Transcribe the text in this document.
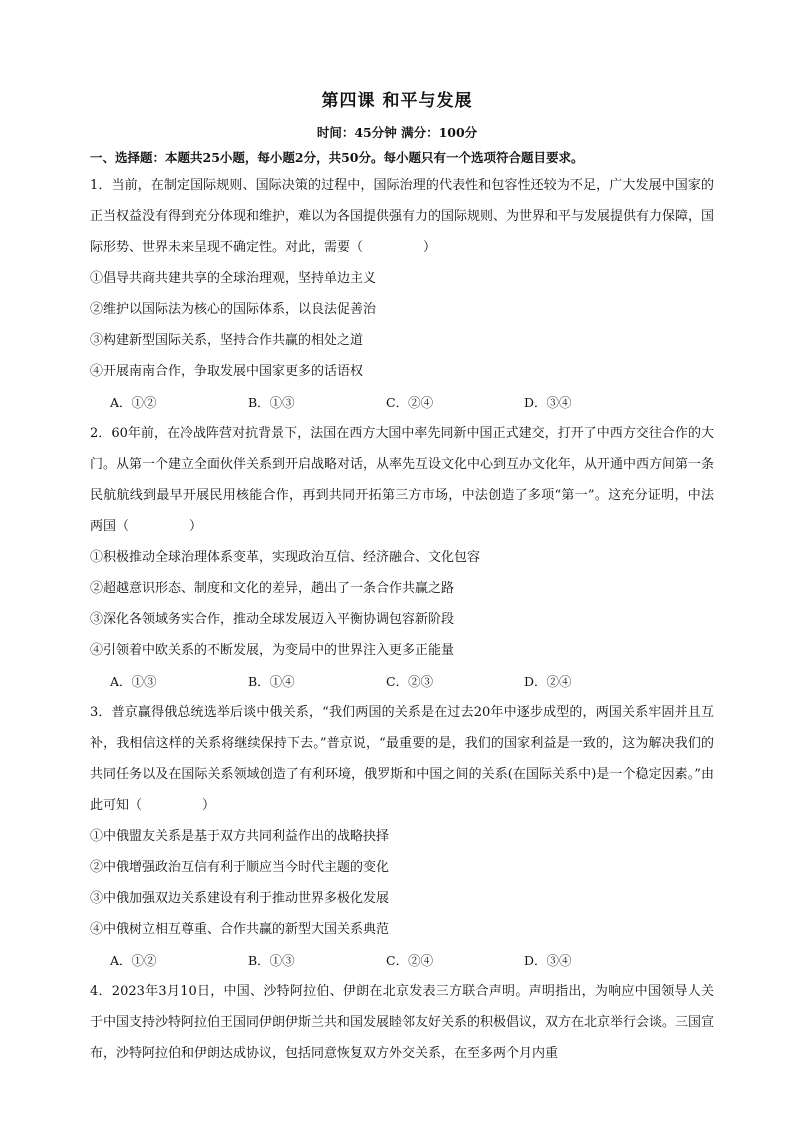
第四课 和平与发展
时间：45分钟 满分：100分
一、选择题：本题共25小题，每小题2分，共50分。每小题只有一个选项符合题目要求。
1．当前，在制定国际规则、国际决策的过程中，国际治理的代表性和包容性还较为不足，广大发展中国家的正当权益没有得到充分体现和维护，难以为各国提供强有力的国际规则、为世界和平与发展提供有力保障，国际形势、世界未来呈现不确定性。对此，需要（	）
①倡导共商共建共享的全球治理观，坚持单边主义
②维护以国际法为核心的国际体系，以良法促善治
③构建新型国际关系，坚持合作共赢的相处之道
④开展南南合作，争取发展中国家更多的话语权
A．①②	B．①③	C．②④	D．③④
2．60年前，在冷战阵营对抗背景下，法国在西方大国中率先同新中国正式建交，打开了中西方交往合作的大门。从第一个建立全面伙伴关系到开启战略对话，从率先互设文化中心到互办文化年，从开通中西方间第一条民航航线到最早开展民用核能合作，再到共同开拓第三方市场，中法创造了多项“第一”。这充分证明，中法两国（	）
①积极推动全球治理体系变革，实现政治互信、经济融合、文化包容
②超越意识形态、制度和文化的差异，趟出了一条合作共赢之路
③深化各领域务实合作，推动全球发展迈入平衡协调包容新阶段
④引领着中欧关系的不断发展，为变局中的世界注入更多正能量
A．①③	B．①④	C．②③	D．②④
3．普京赢得俄总统选举后谈中俄关系，“我们两国的关系是在过去20年中逐步成型的，两国关系牢固并且互补，我相信这样的关系将继续保持下去。”普京说，“最重要的是，我们的国家利益是一致的，这为解决我们的共同任务以及在国际关系领域创造了有利环境，俄罗斯和中国之间的关系(在国际关系中)是一个稳定因素。”由此可知（	）
①中俄盟友关系是基于双方共同利益作出的战略抉择
②中俄增强政治互信有利于顺应当今时代主题的变化
③中俄加强双边关系建设有利于推动世界多极化发展
④中俄树立相互尊重、合作共赢的新型大国关系典范
A．①②	B．①③	C．②④	D．③④
4．2023年3月10日，中国、沙特阿拉伯、伊朗在北京发表三方联合声明。声明指出，为响应中国领导人关于中国支持沙特阿拉伯王国同伊朗伊斯兰共和国发展睦邻友好关系的积极倡议，双方在北京举行会谈。三国宣布，沙特阿拉伯和伊朗达成协议，包括同意恢复双方外交关系，在至多两个月内重
